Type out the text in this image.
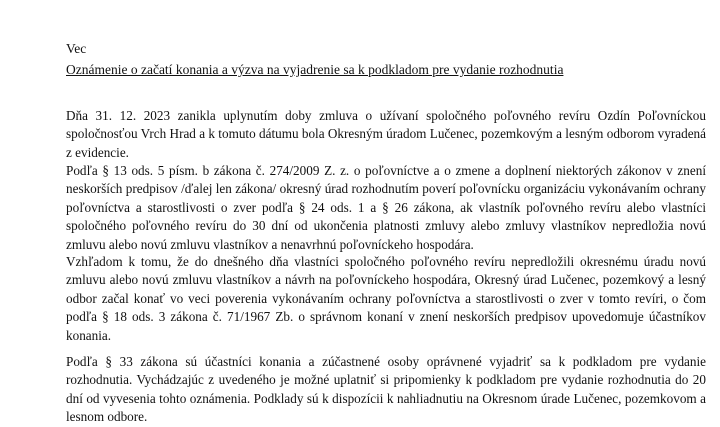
Vec
Oznámenie o začatí konania a výzva na vyjadrenie sa k podkladom pre vydanie rozhodnutia

Dňa 31. 12. 2023 zanikla uplynutím doby zmluva o užívaní spoločného poľovného revíru Ozdín Poľovníckou spoločnosťou Vrch Hrad a k tomuto dátumu bola Okresným úradom Lučenec, pozemkovým a lesným odborom vyradená z evidencie.

Podľa § 13 ods. 5 písm. b zákona č. 274/2009 Z. z. o poľovníctve a o zmene a doplnení niektorých zákonov v znení neskorších predpisov /ďalej len zákona/ okresný úrad rozhodnutím poverí poľovnícku organizáciu vykonávaním ochrany poľovníctva a starostlivosti o zver podľa § 24 ods. 1 a § 26 zákona, ak vlastník poľovného revíru alebo vlastníci spoločného poľovného revíru do 30 dní od ukončenia platnosti zmluvy alebo zmluvy vlastníkov nepredložia novú zmluvu alebo novú zmluvu vlastníkov a nenavrhnú poľovníckeho hospodára.

Vzhľadom k tomu, že do dnešného dňa vlastníci spoločného poľovného revíru nepredložili okresnému úradu novú zmluvu alebo novú zmluvu vlastníkov a návrh na poľovníckeho hospodára, Okresný úrad Lučenec, pozemkový a lesný odbor začal konať vo veci poverenia vykonávaním ochrany poľovníctva a starostlivosti o zver v tomto revíri, o čom podľa § 18 ods. 3 zákona č. 71/1967 Zb. o správnom konaní v znení neskorších predpisov upovedomuje účastníkov konania.

Podľa § 33 zákona sú účastníci konania a zúčastnené osoby oprávnené vyjadriť sa k podkladom pre vydanie rozhodnutia. Vychádzajúc z uvedeného je možné uplatniť si pripomienky k podkladom pre vydanie rozhodnutia do 20 dní od vyvesenia tohto oznámenia. Podklady sú k dispozícii k nahliadnutiu na Okresnom úrade Lučenec, pozemkovom a lesnom odbore.
